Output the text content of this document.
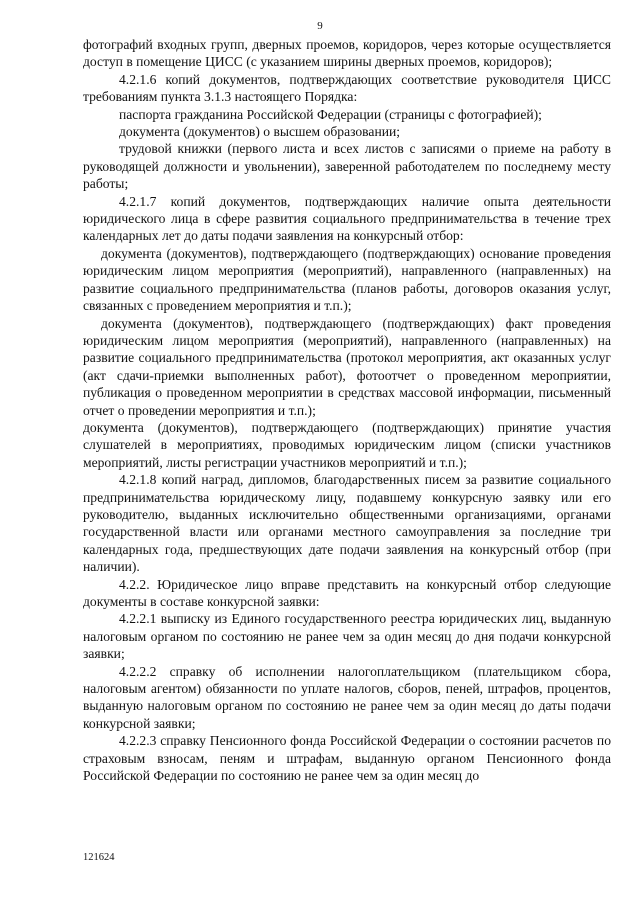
9

фотографий входных групп, дверных проемов, коридоров, через которые осуществляется доступ в помещение ЦИСС (с указанием ширины дверных проемов, коридоров);

4.2.1.6 копий документов, подтверждающих соответствие руководителя ЦИСС требованиям пункта 3.1.3 настоящего Порядка:

паспорта гражданина Российской Федерации (страницы с фотографией);

документа (документов) о высшем образовании;

трудовой книжки (первого листа и всех листов с записями о приеме на работу в руководящей должности и увольнении), заверенной работодателем по последнему месту работы;

4.2.1.7 копий документов, подтверждающих наличие опыта деятельности юридического лица в сфере развития социального предпринимательства в течение трех календарных лет до даты подачи заявления на конкурсный отбор:

документа (документов), подтверждающего (подтверждающих) основание проведения юридическим лицом мероприятия (мероприятий), направленного (направленных) на развитие социального предпринимательства (планов работы, договоров оказания услуг, связанных с проведением мероприятия и т.п.);

документа (документов), подтверждающего (подтверждающих) факт проведения юридическим лицом мероприятия (мероприятий), направленного (направленных) на развитие социального предпринимательства (протокол мероприятия, акт оказанных услуг (акт сдачи-приемки выполненных работ), фотоотчет о проведенном мероприятии, публикация о проведенном мероприятии в средствах массовой информации, письменный отчет о проведении мероприятия и т.п.);

документа (документов), подтверждающего (подтверждающих) принятие участия слушателей в мероприятиях, проводимых юридическим лицом (списки участников мероприятий, листы регистрации участников мероприятий и т.п.);

4.2.1.8 копий наград, дипломов, благодарственных писем за развитие социального предпринимательства юридическому лицу, подавшему конкурсную заявку или его руководителю, выданных исключительно общественными организациями, органами государственной власти или органами местного самоуправления за последние три календарных года, предшествующих дате подачи заявления на конкурсный отбор (при наличии).

4.2.2. Юридическое лицо вправе представить на конкурсный отбор следующие документы в составе конкурсной заявки:

4.2.2.1 выписку из Единого государственного реестра юридических лиц, выданную налоговым органом по состоянию не ранее чем за один месяц до дня подачи конкурсной заявки;

4.2.2.2 справку об исполнении налогоплательщиком (плательщиком сбора, налоговым агентом) обязанности по уплате налогов, сборов, пеней, штрафов, процентов, выданную налоговым органом по состоянию не ранее чем за один месяц до даты подачи конкурсной заявки;

4.2.2.3 справку Пенсионного фонда Российской Федерации о состоянии расчетов по страховым взносам, пеням и штрафам, выданную органом Пенсионного фонда Российской Федерации по состоянию не ранее чем за один месяц до

121624
